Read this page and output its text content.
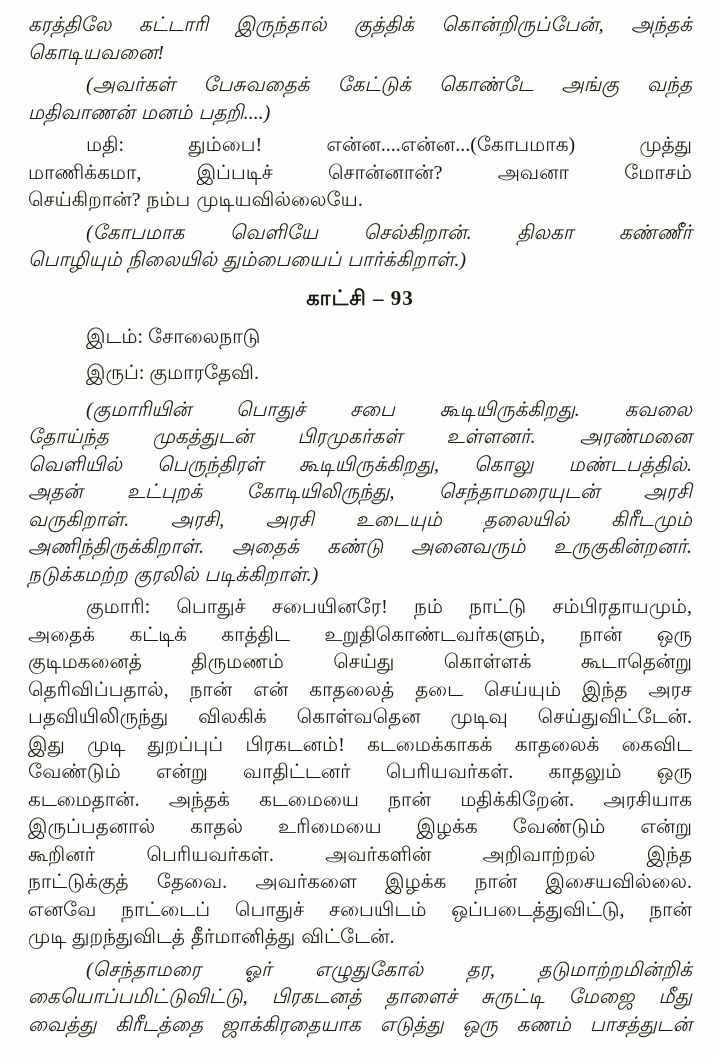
கரத்திலே கட்டாரி இருந்தால் குத்திக் கொன்றிருப்பேன், அந்தக்
கொடியவனை!
(அவர்கள் பேசுவதைக் கேட்டுக் கொண்டே அங்கு வந்த
மதிவாணன் மனம் பதறி....)
மதி: தும்பை! என்ன....என்ன...(கோபமாக) முத்து
மாணிக்கமா, இப்படிச் சொன்னான்? அவனா மோசம்
செய்கிறான்? நம்ப முடியவில்லையே.
(கோபமாக வெளியே செல்கிறான். திலகா கண்ணீர்
பொழியும் நிலையில் தும்பையைப் பார்க்கிறாள்.)
காட்சி – 93
இடம்: சோலைநாடு
இருப்: குமாரதேவி.
(குமாரியின் பொதுச் சபை கூடியிருக்கிறது. கவலை
தோய்ந்த முகத்துடன் பிரமுகர்கள் உள்ளனர். அரண்மனை
வெளியில் பெருந்திரள் கூடியிருக்கிறது, கொலு மண்டபத்தில்.
அதன் உட்புறக் கோடியிலிருந்து, செந்தாமரையுடன் அரசி
வருகிறாள். அரசி, அரசி உடையும் தலையில் கிரீடமும்
அணிந்திருக்கிறாள். அதைக் கண்டு அனைவரும் உருகுகின்றனர்.
நடுக்கமற்ற குரலில் படிக்கிறாள்.)
குமாரி: பொதுச் சபையினரே! நம் நாட்டு சம்பிரதாயமும்,
அதைக் கட்டிக் காத்திட உறுதிகொண்டவர்களும், நான் ஒரு
குடிமகனைத் திருமணம் செய்து கொள்ளக் கூடாதென்று
தெரிவிப்பதால், நான் என் காதலைத் தடை செய்யும் இந்த அரச
பதவியிலிருந்து விலகிக் கொள்வதென முடிவு செய்துவிட்டேன்.
இது முடி துறப்புப் பிரகடனம்! கடமைக்காகக் காதலைக் கைவிட
வேண்டும் என்று வாதிட்டனர் பெரியவர்கள். காதலும் ஒரு
கடமைதான். அந்தக் கடமையை நான் மதிக்கிறேன். அரசியாக
இருப்பதனால் காதல் உரிமையை இழக்க வேண்டும் என்று
கூறினர் பெரியவர்கள். அவர்களின் அறிவாற்றல் இந்த
நாட்டுக்குத் தேவை. அவர்களை இழக்க நான் இசையவில்லை.
எனவே நாட்டைப் பொதுச் சபையிடம் ஒப்படைத்துவிட்டு, நான்
முடி துறந்துவிடத் தீர்மானித்து விட்டேன்.
(செந்தாமரை ஓர் எழுதுகோல் தர, தடுமாற்றமின்றிக்
கையொப்பமிட்டுவிட்டு, பிரகடனத் தாளைச் சுருட்டி மேஜை மீது
வைத்து கிரீடத்தை ஜாக்கிரதையாக எடுத்து ஒரு கணம் பாசத்துடன்
